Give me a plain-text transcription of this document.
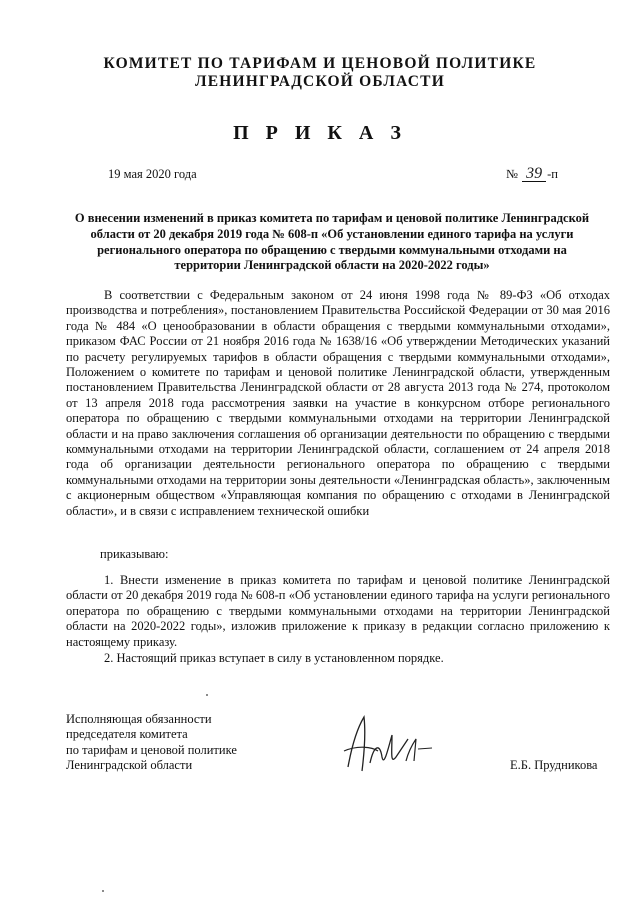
КОМИТЕТ ПО ТАРИФАМ И ЦЕНОВОЙ ПОЛИТИКЕ
ЛЕНИНГРАДСКОЙ ОБЛАСТИ
П Р И К А З
19 мая 2020 года	№ 39 -п
О внесении изменений в приказ комитета по тарифам и ценовой политике Ленинградской области от 20 декабря 2019 года № 608-п «Об установлении единого тарифа на услуги регионального оператора по обращению с твердыми коммунальными отходами на территории Ленинградской области на 2020-2022 годы»

В соответствии с Федеральным законом от 24 июня 1998 года № 89-ФЗ «Об отходах производства и потребления», постановлением Правительства Российской Федерации от 30 мая 2016 года № 484 «О ценообразовании в области обращения с твердыми коммунальными отходами», приказом ФАС России от 21 ноября 2016 года № 1638/16 «Об утверждении Методических указаний по расчету регулируемых тарифов в области обращения с твердыми коммунальными отходами», Положением о комитете по тарифам и ценовой политике Ленинградской области, утвержденным постановлением Правительства Ленинградской области от 28 августа 2013 года № 274, протоколом от 13 апреля 2018 года рассмотрения заявки на участие в конкурсном отборе регионального оператора по обращению с твердыми коммунальными отходами на территории Ленинградской области и на право заключения соглашения об организации деятельности по обращению с твердыми коммунальными отходами на территории Ленинградской области, соглашением от 24 апреля 2018 года об организации деятельности регионального оператора по обращению с твердыми коммунальными отходами на территории зоны деятельности «Ленинградская область», заключенным с акционерным обществом «Управляющая компания по обращению с отходами в Ленинградской области», и в связи с исправлением технической ошибки

приказываю:

1. Внести изменение в приказ комитета по тарифам и ценовой политике Ленинградской области от 20 декабря 2019 года № 608-п «Об установлении единого тарифа на услуги регионального оператора по обращению с твердыми коммунальными отходами на территории Ленинградской области на 2020-2022 годы», изложив приложение к приказу в редакции согласно приложению к настоящему приказу.

2. Настоящий приказ вступает в силу в установленном порядке.

Исполняющая обязанности
председателя комитета
по тарифам и ценовой политике
Ленинградской области	Е.Б. Прудникова
